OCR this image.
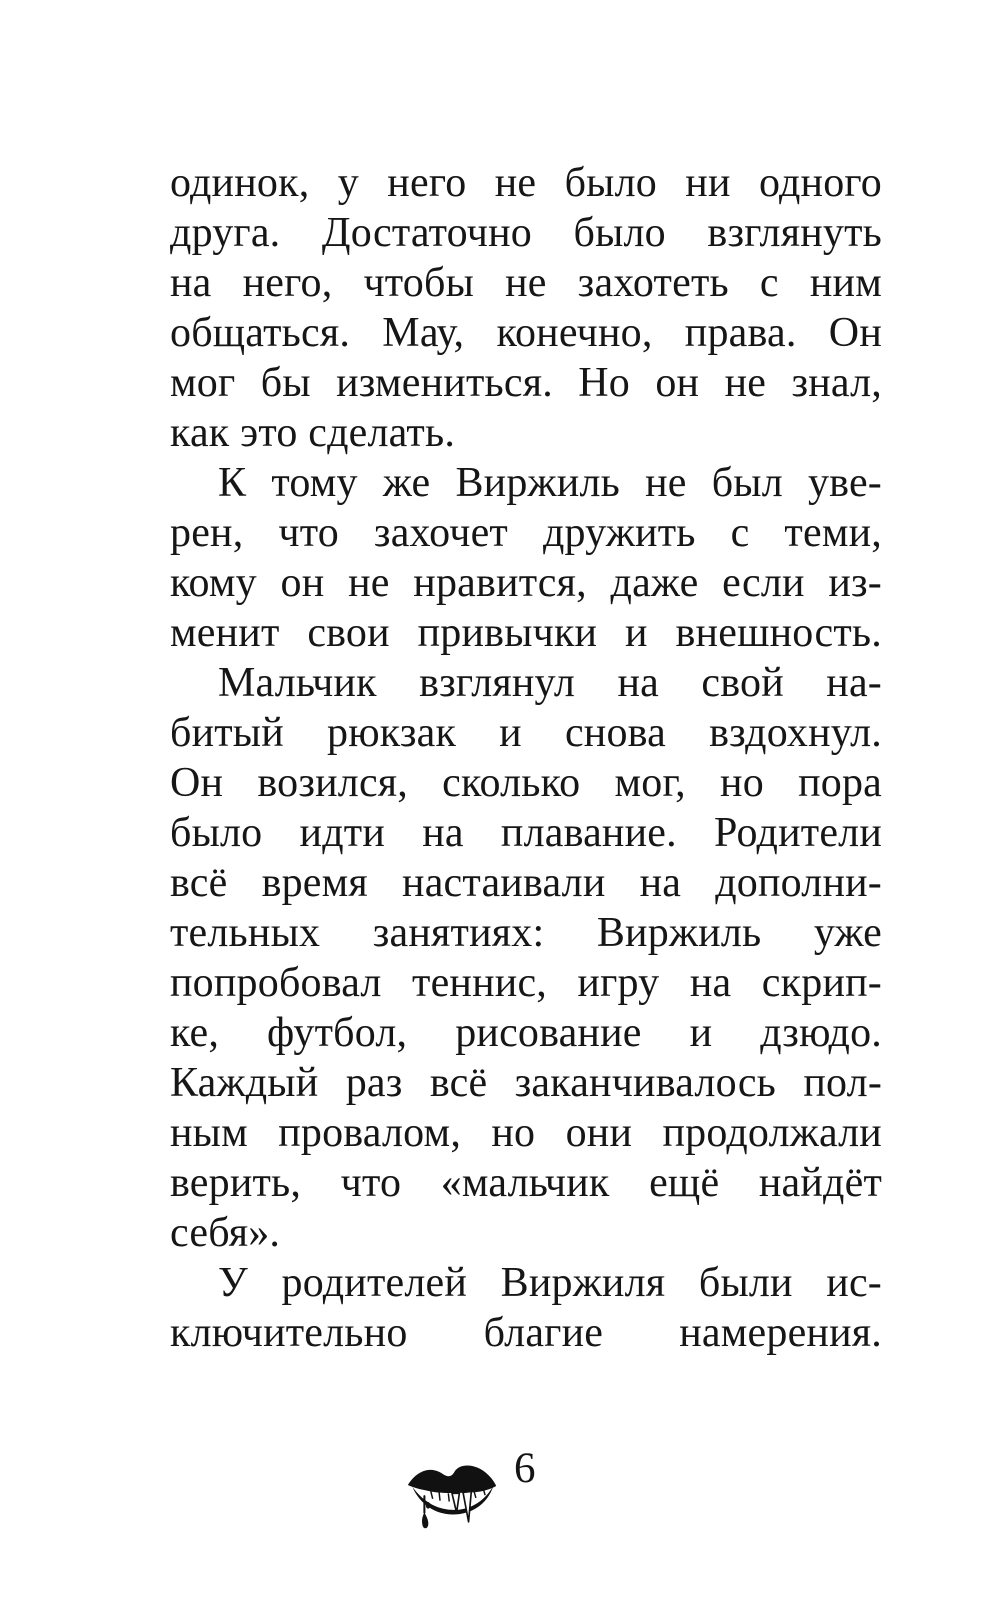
одинок, у него не было ни одного
друга. Достаточно было взглянуть
на него, чтобы не захотеть с ним
общаться. Мау, конечно, права. Он
мог бы измениться. Но он не знал,
как это сделать.
К тому же Виржиль не был уве-
рен, что захочет дружить с теми,
кому он не нравится, даже если из-
менит свои привычки и внешность.
Мальчик взглянул на свой на-
битый рюкзак и снова вздохнул.
Он возился, сколько мог, но пора
было идти на плавание. Родители
всё время настаивали на дополни-
тельных занятиях: Виржиль уже
попробовал теннис, игру на скрип-
ке, футбол, рисование и дзюдо.
Каждый раз всё заканчивалось пол-
ным провалом, но они продолжали
верить, что «мальчик ещё найдёт
себя».
У родителей Виржиля были ис-
ключительно благие намерения.
6
